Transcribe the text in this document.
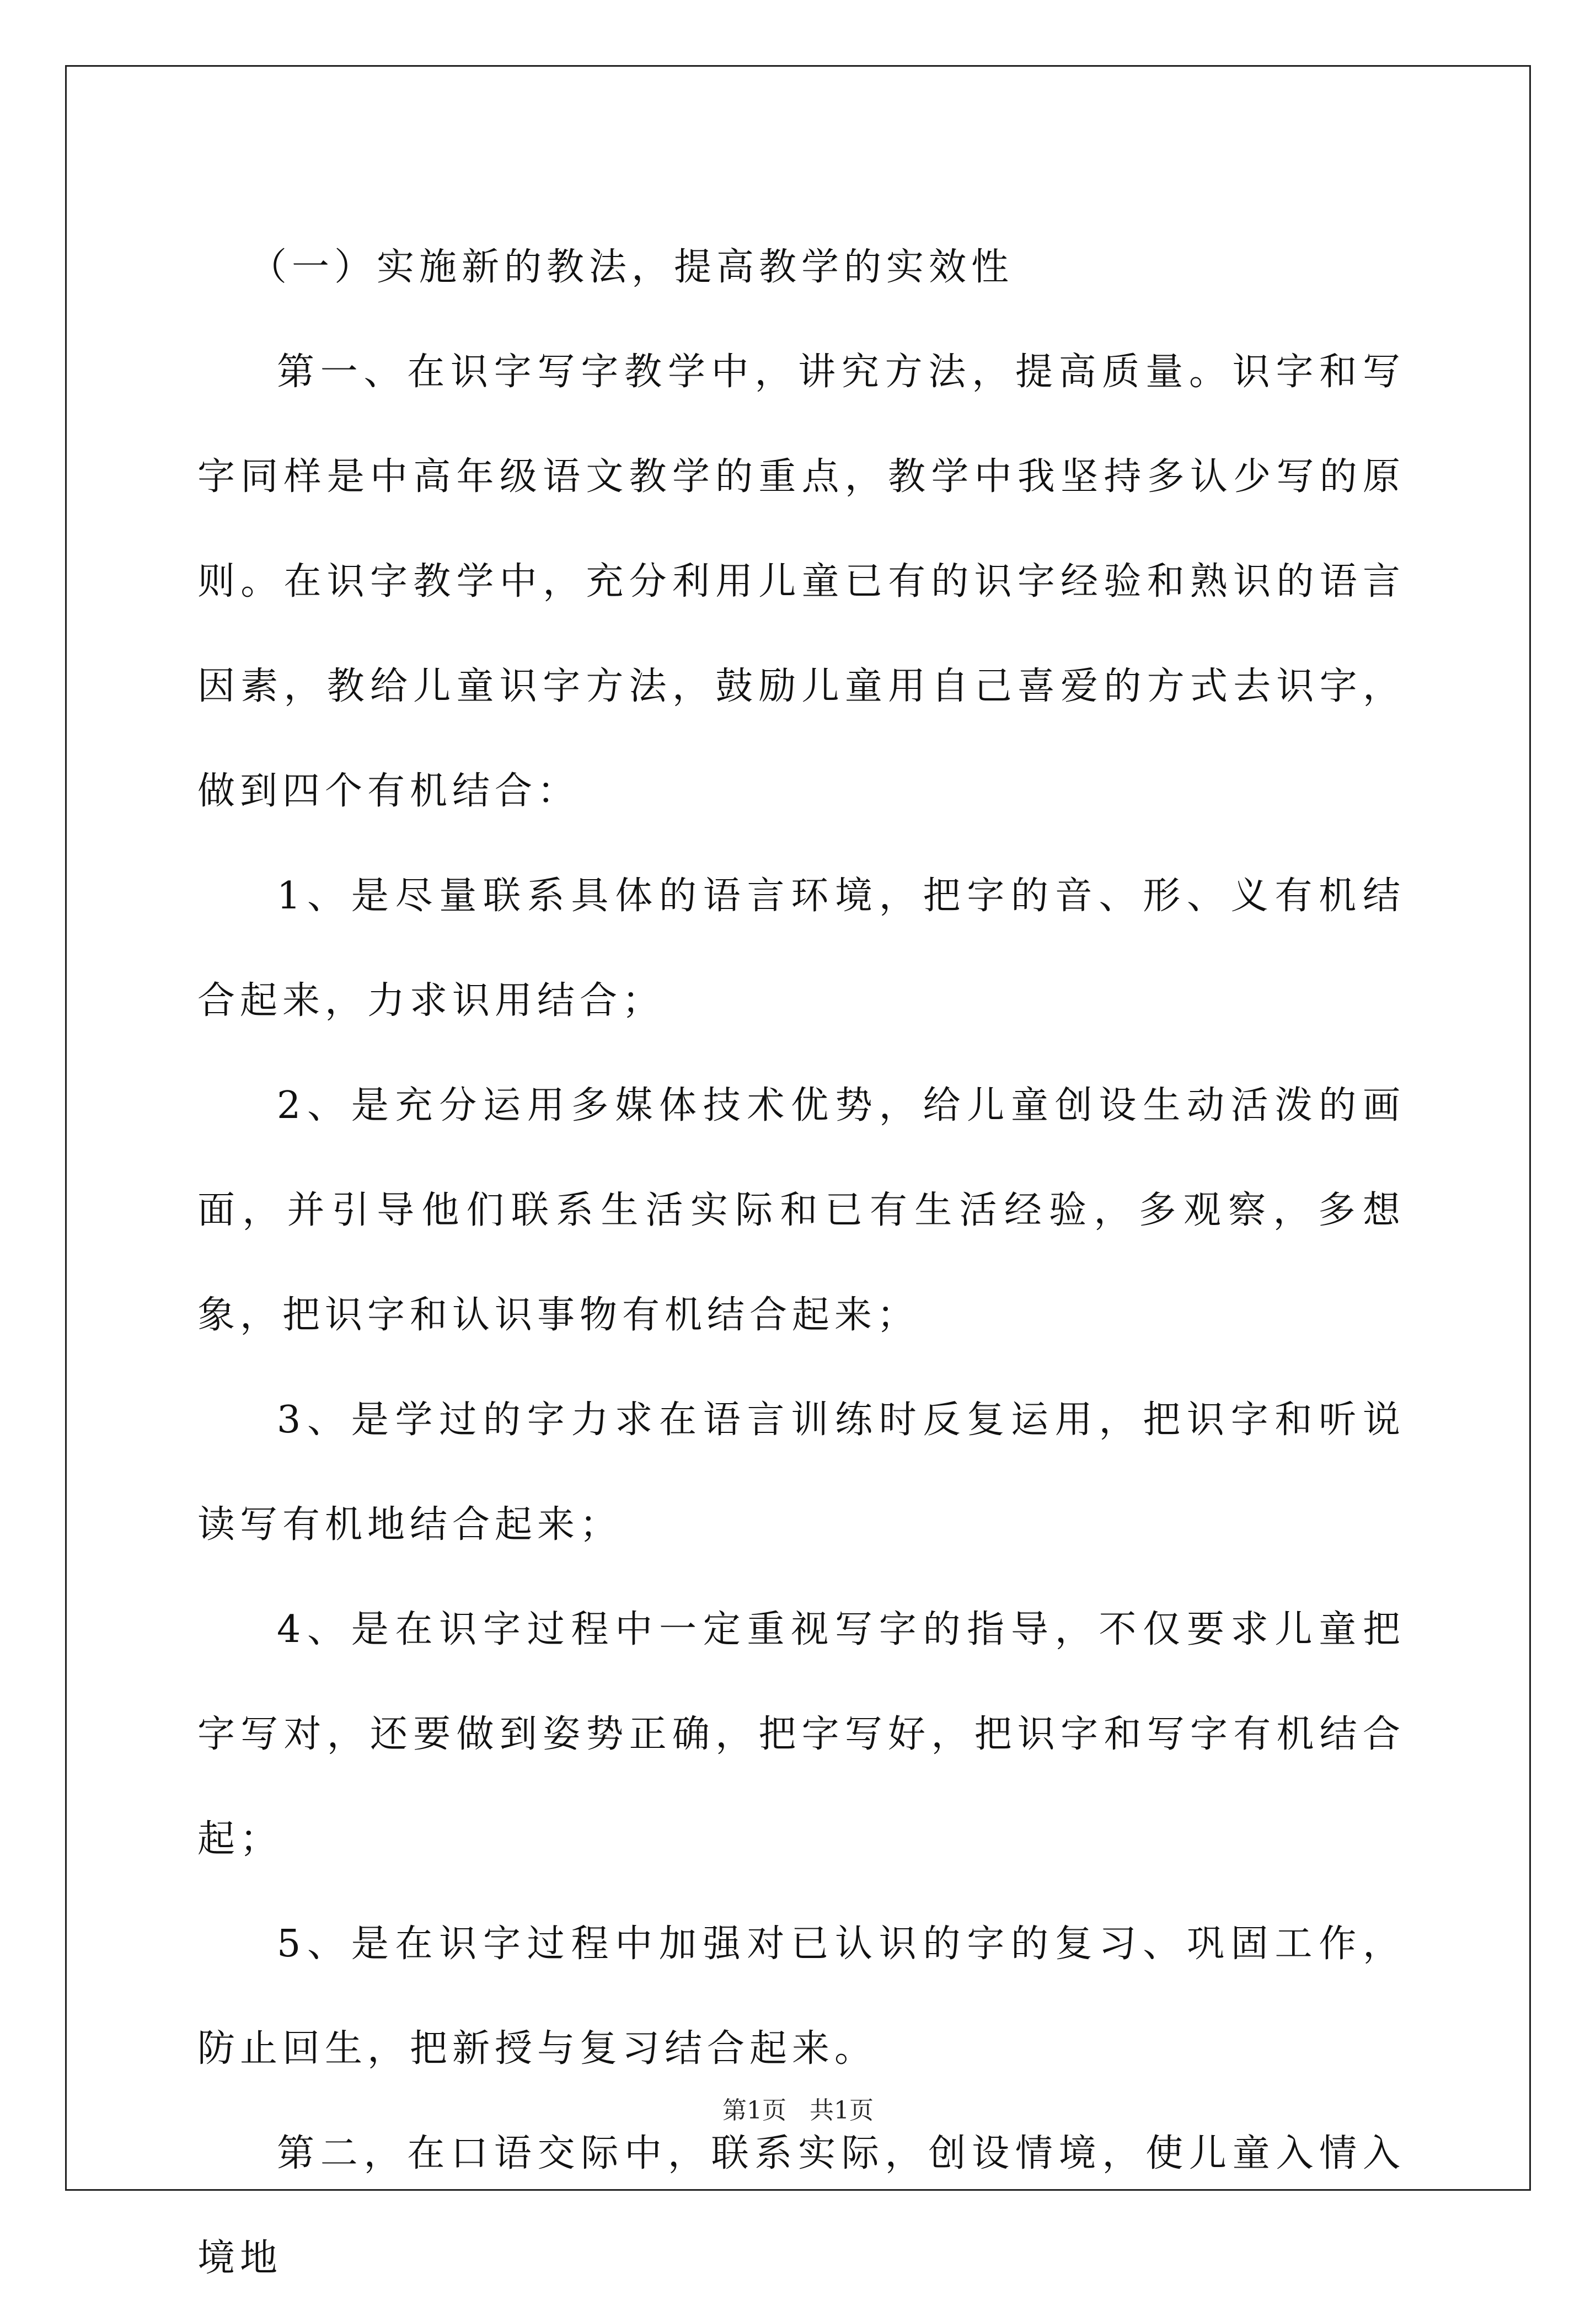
（一）实施新的教法，提高教学的实效性

第一、在识字写字教学中，讲究方法，提高质量。识字和写字同样是中高年级语文教学的重点，教学中我坚持多认少写的原则。在识字教学中，充分利用儿童已有的识字经验和熟识的语言因素，教给儿童识字方法，鼓励儿童用自己喜爱的方式去识字，做到四个有机结合：

1、是尽量联系具体的语言环境，把字的音、形、义有机结合起来，力求识用结合；

2、是充分运用多媒体技术优势，给儿童创设生动活泼的画面，并引导他们联系生活实际和已有生活经验，多观察，多想象，把识字和认识事物有机结合起来；

3、是学过的字力求在语言训练时反复运用，把识字和听说读写有机地结合起来；

4、是在识字过程中一定重视写字的指导，不仅要求儿童把字写对，还要做到姿势正确，把字写好，把识字和写字有机结合起；

5、是在识字过程中加强对已认识的字的复习、巩固工作，防止回生，把新授与复习结合起来。

第二，在口语交际中，联系实际，创设情境，使儿童入情入境地

第1页 共1页
